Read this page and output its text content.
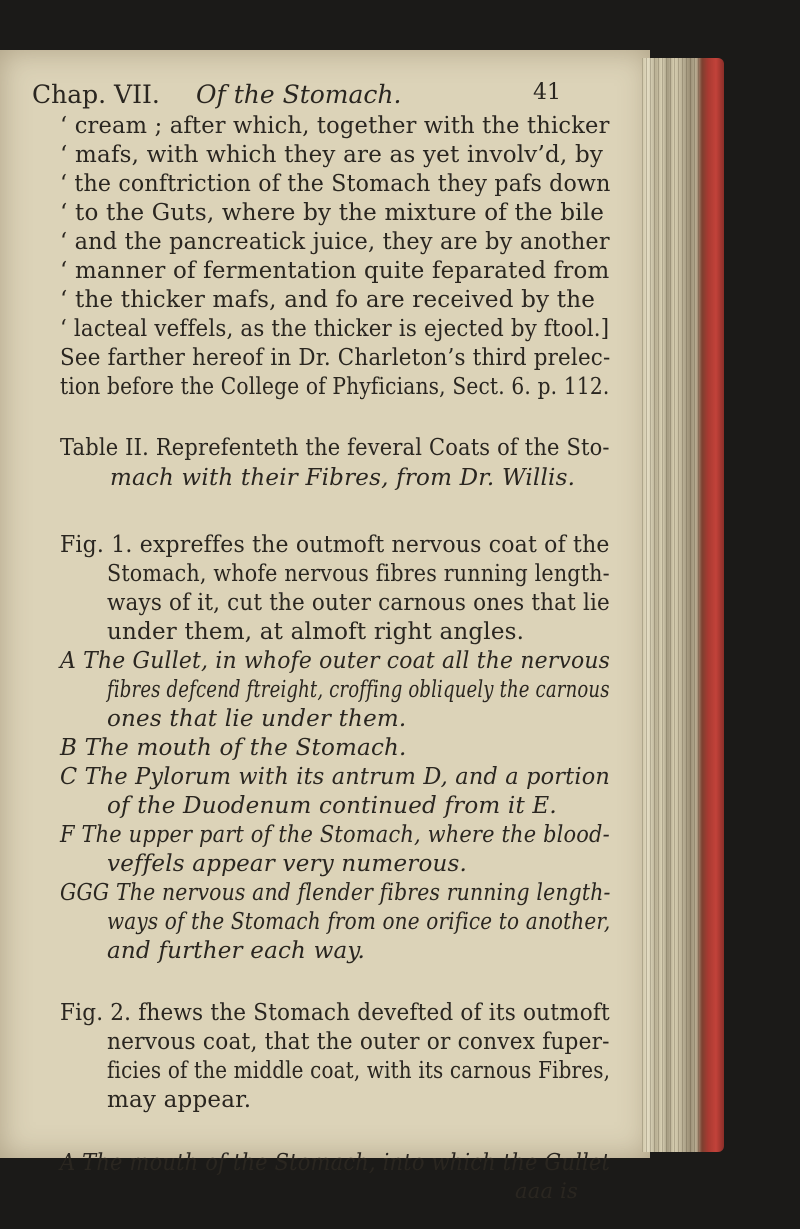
Chap. VII. Of the Stomach.	41
‘ cream ; after which, together with the thicker
‘ mafs, with which they are as yet involv’d, by
‘ the conftriction of the Stomach they pafs down
‘ to the Guts, where by the mixture of the bile
‘ and the pancreatick juice, they are by another
‘ manner of fermentation quite feparated from
‘ the thicker mafs, and fo are received by the
‘ lacteal veffels, as the thicker is ejected by ftool.]
See farther hereof in Dr. Charleton’s third prelec-
tion before the College of Phyficians, Sect. 6. p. 112.
Table II. Reprefenteth the feveral Coats of the Sto-
mach with their Fibres, from Dr. Willis.
Fig. 1. expreffes the outmoft nervous coat of the
Stomach, whofe nervous fibres running length-
ways of it, cut the outer carnous ones that lie
under them, at almoft right angles.
A The Gullet, in whofe outer coat all the nervous
fibres defcend ftreight, croffing obliquely the carnous
ones that lie under them.
B The mouth of the Stomach.
C The Pylorum with its antrum D, and a portion
of the Duodenum continued from it E.
F The upper part of the Stomach, where the blood-
veffels appear very numerous.
GGG The nervous and flender fibres running length-
ways of the Stomach from one orifice to another,
and further each way.
Fig. 2. fhews the Stomach devefted of its outmoft
nervous coat, that the outer or convex fuper-
ficies of the middle coat, with its carnous Fibres,
may appear.
A The mouth of the Stomach, into which the Gullet
aaa is
